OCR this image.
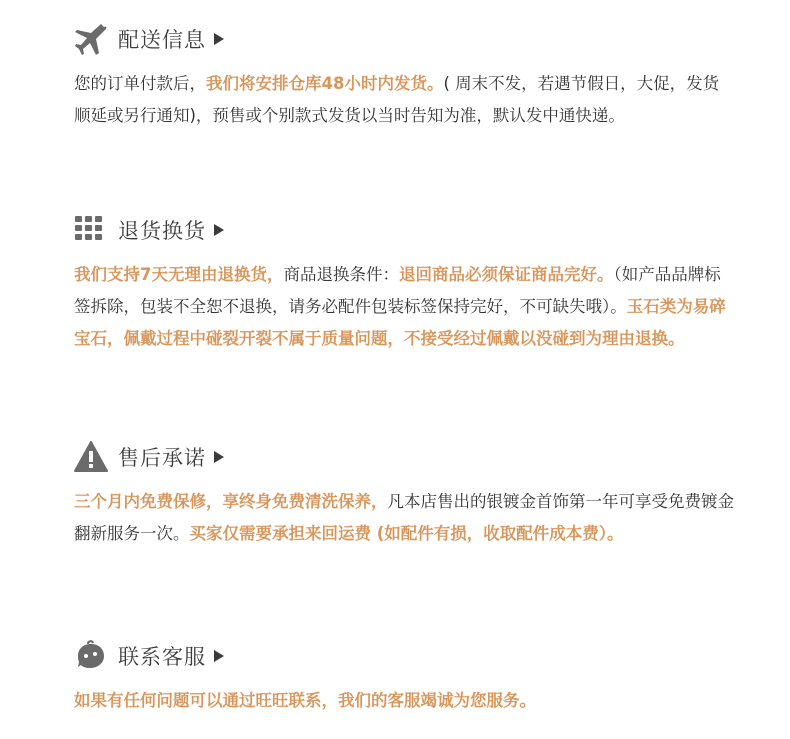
配送信息
您的订单付款后，我们将安排仓库48小时内发货。( 周末不发，若遇节假日，大促，发货顺延或另行通知)，预售或个别款式发货以当时告知为准，默认发中通快递。
退货换货
我们支持7天无理由退换货，商品退换条件：退回商品必须保证商品完好。（如产品品牌标签拆除，包装不全恕不退换，请务必配件包装标签保持完好，不可缺失哦）。玉石类为易碎宝石，佩戴过程中碰裂开裂不属于质量问题，不接受经过佩戴以没碰到为理由退换。
售后承诺
三个月内免费保修，享终身免费清洗保养，凡本店售出的银镀金首饰第一年可享受免费镀金翻新服务一次。买家仅需要承担来回运费 (如配件有损，收取配件成本费）。
联系客服
如果有任何问题可以通过旺旺联系，我们的客服竭诚为您服务。
